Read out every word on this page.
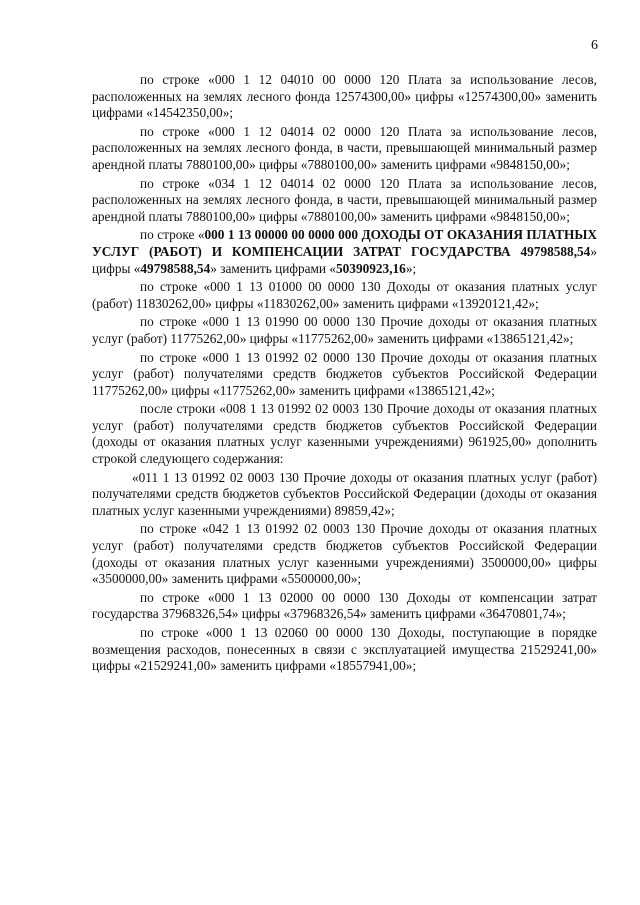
6

по строке «000 1 12 04010 00 0000 120 Плата за использование лесов, расположенных на землях лесного фонда 12574300,00» цифры «12574300,00» заменить цифрами «14542350,00»;

по строке «000 1 12 04014 02 0000 120 Плата за использование лесов, расположенных на землях лесного фонда, в части, превышающей минимальный размер арендной платы 7880100,00» цифры «7880100,00» заменить цифрами «9848150,00»;

по строке «034 1 12 04014 02 0000 120 Плата за использование лесов, расположенных на землях лесного фонда, в части, превышающей минимальный размер арендной платы 7880100,00» цифры «7880100,00» заменить цифрами «9848150,00»;

по строке «000 1 13 00000 00 0000 000 ДОХОДЫ ОТ ОКАЗАНИЯ ПЛАТНЫХ УСЛУГ (РАБОТ) И КОМПЕНСАЦИИ ЗАТРАТ ГОСУДАРСТВА 49798588,54» цифры «49798588,54» заменить цифрами «50390923,16»;

по строке «000 1 13 01000 00 0000 130 Доходы от оказания платных услуг (работ) 11830262,00» цифры «11830262,00» заменить цифрами «13920121,42»;

по строке «000 1 13 01990 00 0000 130 Прочие доходы от оказания платных услуг (работ) 11775262,00» цифры «11775262,00» заменить цифрами «13865121,42»;

по строке «000 1 13 01992 02 0000 130 Прочие доходы от оказания платных услуг (работ) получателями средств бюджетов субъектов Российской Федерации 11775262,00» цифры «11775262,00» заменить цифрами «13865121,42»;

после строки «008 1 13 01992 02 0003 130 Прочие доходы от оказания платных услуг (работ) получателями средств бюджетов субъектов Российской Федерации (доходы от оказания платных услуг казенными учреждениями) 961925,00» дополнить строкой следующего содержания:

«011 1 13 01992 02 0003 130 Прочие доходы от оказания платных услуг (работ) получателями средств бюджетов субъектов Российской Федерации (доходы от оказания платных услуг казенными учреждениями) 89859,42»;

по строке «042 1 13 01992 02 0003 130 Прочие доходы от оказания платных услуг (работ) получателями средств бюджетов субъектов Российской Федерации (доходы от оказания платных услуг казенными учреждениями) 3500000,00» цифры «3500000,00» заменить цифрами «5500000,00»;

по строке «000 1 13 02000 00 0000 130 Доходы от компенсации затрат государства 37968326,54» цифры «37968326,54» заменить цифрами «36470801,74»;

по строке «000 1 13 02060 00 0000 130 Доходы, поступающие в порядке возмещения расходов, понесенных в связи с эксплуатацией имущества 21529241,00» цифры «21529241,00» заменить цифрами «18557941,00»;
